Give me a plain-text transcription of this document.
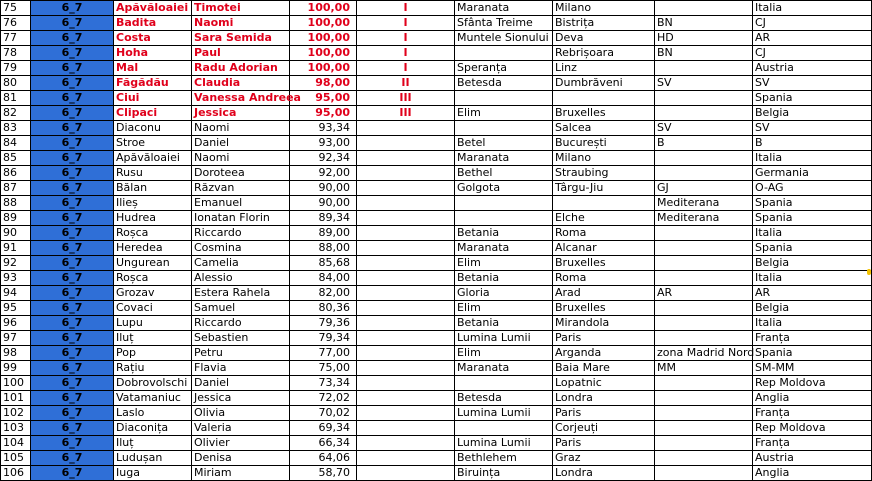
75	6_7	Apăvăloaiei	Timotei	100,00	I	Maranata	Milano		Italia
76	6_7	Badita	Naomi	100,00	I	Sfânta Treime	Bistrița	BN	CJ
77	6_7	Costa	Sara Semida	100,00	I	Muntele Sionului	Deva	HD	AR
78	6_7	Hoha	Paul	100,00	I		Rebrișoara	BN	CJ
79	6_7	Mal	Radu Adorian	100,00	I	Speranța	Linz		Austria
80	6_7	Făgădău	Claudia	98,00	II	Betesda	Dumbrăveni	SV	SV
81	6_7	Ciui	Vanessa Andreea	95,00	III				Spania
82	6_7	Clipaci	Jessica	95,00	III	Elim	Bruxelles		Belgia
83	6_7	Diaconu	Naomi	93,34			Salcea	SV	SV
84	6_7	Stroe	Daniel	93,00		Betel	București	B	B
85	6_7	Apăvăloaiei	Naomi	92,34		Maranata	Milano		Italia
86	6_7	Rusu	Doroteea	92,00		Bethel	Straubing		Germania
87	6_7	Bălan	Răzvan	90,00		Golgota	Târgu-Jiu	GJ	O-AG
88	6_7	Ilieș	Emanuel	90,00				Mediterana	Spania
89	6_7	Hudrea	Ionatan Florin	89,34			Elche	Mediterana	Spania
90	6_7	Roșca	Riccardo	89,00		Betania	Roma		Italia
91	6_7	Heredea	Cosmina	88,00		Maranata	Alcanar		Spania
92	6_7	Ungurean	Camelia	85,68		Elim	Bruxelles		Belgia
93	6_7	Roșca	Alessio	84,00		Betania	Roma		Italia
94	6_7	Grozav	Estera Rahela	82,00		Gloria	Arad	AR	AR
95	6_7	Covaci	Samuel	80,36		Elim	Bruxelles		Belgia
96	6_7	Lupu	Riccardo	79,36		Betania	Mirandola		Italia
97	6_7	Iluț	Sebastien	79,34		Lumina Lumii	Paris		Franța
98	6_7	Pop	Petru	77,00		Elim	Arganda	zona Madrid Nord	Spania
99	6_7	Rațiu	Flavia	75,00		Maranata	Baia Mare	MM	SM-MM
100	6_7	Dobrovolschi	Daniel	73,34			Lopatnic		Rep Moldova
101	6_7	Vatamaniuc	Jessica	72,02		Betesda	Londra		Anglia
102	6_7	Laslo	Olivia	70,02		Lumina Lumii	Paris		Franța
103	6_7	Diaconița	Valeria	69,34			Corjeuți		Rep Moldova
104	6_7	Iluț	Olivier	66,34		Lumina Lumii	Paris		Franța
105	6_7	Ludușan	Denisa	64,06		Bethlehem	Graz		Austria
106	6_7	Iuga	Miriam	58,70		Biruința	Londra		Anglia
